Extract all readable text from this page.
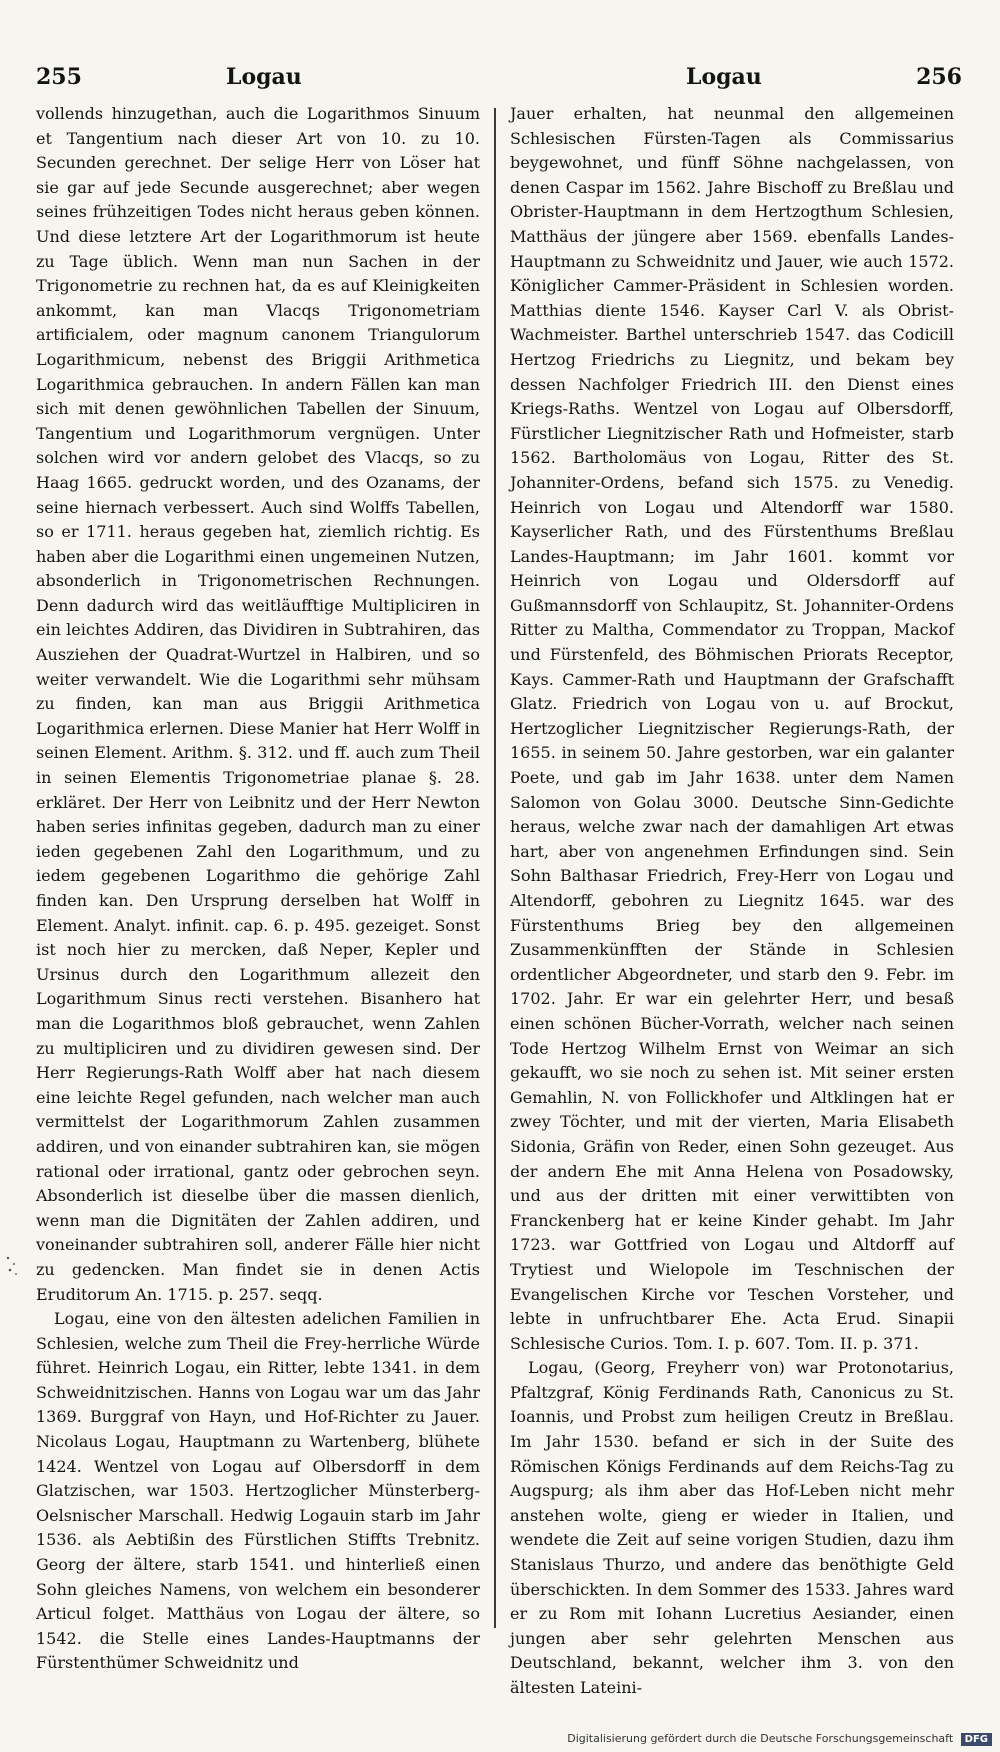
255	Logau	Logau	256

vollends hinzugethan, auch die Logarithmos Sinuum et Tangentium nach dieser Art von 10. zu 10. Secunden gerechnet. Der selige Herr von Löser hat sie gar auf jede Secunde ausgerechnet; aber wegen seines frühzeitigen Todes nicht heraus geben können. Und diese letztere Art der Logarithmorum ist heute zu Tage üblich. Wenn man nun Sachen in der Trigonometrie zu rechnen hat, da es auf Kleinigkeiten ankommt, kan man Vlacqs Trigonometriam artificialem, oder magnum canonem Triangulorum Logarithmicum, nebenst des Briggii Arithmetica Logarithmica gebrauchen. In andern Fällen kan man sich mit denen gewöhnlichen Tabellen der Sinuum, Tangentium und Logarithmorum vergnügen. Unter solchen wird vor andern gelobet des Vlacqs, so zu Haag 1665. gedruckt worden, und des Ozanams, der seine hiernach verbessert. Auch sind Wolffs Tabellen, so er 1711. heraus gegeben hat, ziemlich richtig. Es haben aber die Logarithmi einen ungemeinen Nutzen, absonderlich in Trigonometrischen Rechnungen. Denn dadurch wird das weitläufftige Multipliciren in ein leichtes Addiren, das Dividiren in Subtrahiren, das Ausziehen der Quadrat-Wurtzel in Halbiren, und so weiter verwandelt. Wie die Logarithmi sehr mühsam zu finden, kan man aus Briggii Arithmetica Logarithmica erlernen. Diese Manier hat Herr Wolff in seinen Element. Arithm. §. 312. und ff. auch zum Theil in seinen Elementis Trigonometriae planae §. 28. erkläret. Der Herr von Leibnitz und der Herr Newton haben series infinitas gegeben, dadurch man zu einer ieden gegebenen Zahl den Logarithmum, und zu iedem gegebenen Logarithmo die gehörige Zahl finden kan. Den Ursprung derselben hat Wolff in Element. Analyt. infinit. cap. 6. p. 495. gezeiget. Sonst ist noch hier zu mercken, daß Neper, Kepler und Ursinus durch den Logarithmum allezeit den Logarithmum Sinus recti verstehen. Bisanhero hat man die Logarithmos bloß gebrauchet, wenn Zahlen zu multipliciren und zu dividiren gewesen sind. Der Herr Regierungs-Rath Wolff aber hat nach diesem eine leichte Regel gefunden, nach welcher man auch vermittelst der Logarithmorum Zahlen zusammen addiren, und von einander subtrahiren kan, sie mögen rational oder irrational, gantz oder gebrochen seyn. Absonderlich ist dieselbe über die massen dienlich, wenn man die Dignitäten der Zahlen addiren, und voneinander subtrahiren soll, anderer Fälle hier nicht zu gedencken. Man findet sie in denen Actis Eruditorum An. 1715. p. 257. seqq.

Logau, eine von den ältesten adelichen Familien in Schlesien, welche zum Theil die Frey-herrliche Würde führet. Heinrich Logau, ein Ritter, lebte 1341. in dem Schweidnitzischen. Hanns von Logau war um das Jahr 1369. Burggraf von Hayn, und Hof-Richter zu Jauer. Nicolaus Logau, Hauptmann zu Wartenberg, blühete 1424. Wentzel von Logau auf Olbersdorff in dem Glatzischen, war 1503. Hertzoglicher Münsterberg-Oelsnischer Marschall. Hedwig Logauin starb im Jahr 1536. als Aebtißin des Fürstlichen Stiffts Trebnitz. Georg der ältere, starb 1541. und hinterließ einen Sohn gleiches Namens, von welchem ein besonderer Articul folget. Matthäus von Logau der ältere, so 1542. die Stelle eines Landes-Hauptmanns der Fürstenthümer Schweidnitz und

Jauer erhalten, hat neunmal den allgemeinen Schlesischen Fürsten-Tagen als Commissarius beygewohnet, und fünff Söhne nachgelassen, von denen Caspar im 1562. Jahre Bischoff zu Breßlau und Obrister-Hauptmann in dem Hertzogthum Schlesien, Matthäus der jüngere aber 1569. ebenfalls Landes-Hauptmann zu Schweidnitz und Jauer, wie auch 1572. Königlicher Cammer-Präsident in Schlesien worden. Matthias diente 1546. Kayser Carl V. als Obrist-Wachmeister. Barthel unterschrieb 1547. das Codicill Hertzog Friedrichs zu Liegnitz, und bekam bey dessen Nachfolger Friedrich III. den Dienst eines Kriegs-Raths. Wentzel von Logau auf Olbersdorff, Fürstlicher Liegnitzischer Rath und Hofmeister, starb 1562. Bartholomäus von Logau, Ritter des St. Johanniter-Ordens, befand sich 1575. zu Venedig. Heinrich von Logau und Altendorff war 1580. Kayserlicher Rath, und des Fürstenthums Breßlau Landes-Hauptmann; im Jahr 1601. kommt vor Heinrich von Logau und Oldersdorff auf Gußmannsdorff von Schlaupitz, St. Johanniter-Ordens Ritter zu Maltha, Commendator zu Troppan, Mackof und Fürstenfeld, des Böhmischen Priorats Receptor, Kays. Cammer-Rath und Hauptmann der Grafschafft Glatz. Friedrich von Logau von u. auf Brockut, Hertzoglicher Liegnitzischer Regierungs-Rath, der 1655. in seinem 50. Jahre gestorben, war ein galanter Poete, und gab im Jahr 1638. unter dem Namen Salomon von Golau 3000. Deutsche Sinn-Gedichte heraus, welche zwar nach der damahligen Art etwas hart, aber von angenehmen Erfindungen sind. Sein Sohn Balthasar Friedrich, Frey-Herr von Logau und Altendorff, gebohren zu Liegnitz 1645. war des Fürstenthums Brieg bey den allgemeinen Zusammenkünfften der Stände in Schlesien ordentlicher Abgeordneter, und starb den 9. Febr. im 1702. Jahr. Er war ein gelehrter Herr, und besaß einen schönen Bücher-Vorrath, welcher nach seinen Tode Hertzog Wilhelm Ernst von Weimar an sich gekaufft, wo sie noch zu sehen ist. Mit seiner ersten Gemahlin, N. von Follickhofer und Altklingen hat er zwey Töchter, und mit der vierten, Maria Elisabeth Sidonia, Gräfin von Reder, einen Sohn gezeuget. Aus der andern Ehe mit Anna Helena von Posadowsky, und aus der dritten mit einer verwittibten von Franckenberg hat er keine Kinder gehabt. Im Jahr 1723. war Gottfried von Logau und Altdorff auf Trytiest und Wielopole im Teschnischen der Evangelischen Kirche vor Teschen Vorsteher, und lebte in unfruchtbarer Ehe. Acta Erud. Sinapii Schlesische Curios. Tom. I. p. 607. Tom. II. p. 371.

Logau, (Georg, Freyherr von) war Protonotarius, Pfaltzgraf, König Ferdinands Rath, Canonicus zu St. Ioannis, und Probst zum heiligen Creutz in Breßlau. Im Jahr 1530. befand er sich in der Suite des Römischen Königs Ferdinands auf dem Reichs-Tag zu Augspurg; als ihm aber das Hof-Leben nicht mehr anstehen wolte, gieng er wieder in Italien, und wendete die Zeit auf seine vorigen Studien, dazu ihm Stanislaus Thurzo, und andere das benöthigte Geld überschickten. In dem Sommer des 1533. Jahres ward er zu Rom mit Iohann Lucretius Aesiander, einen jungen aber sehr gelehrten Menschen aus Deutschland, bekannt, welcher ihm 3. von den ältesten Lateini-

Digitalisierung gefördert durch die Deutsche Forschungsgemeinschaft DFG
